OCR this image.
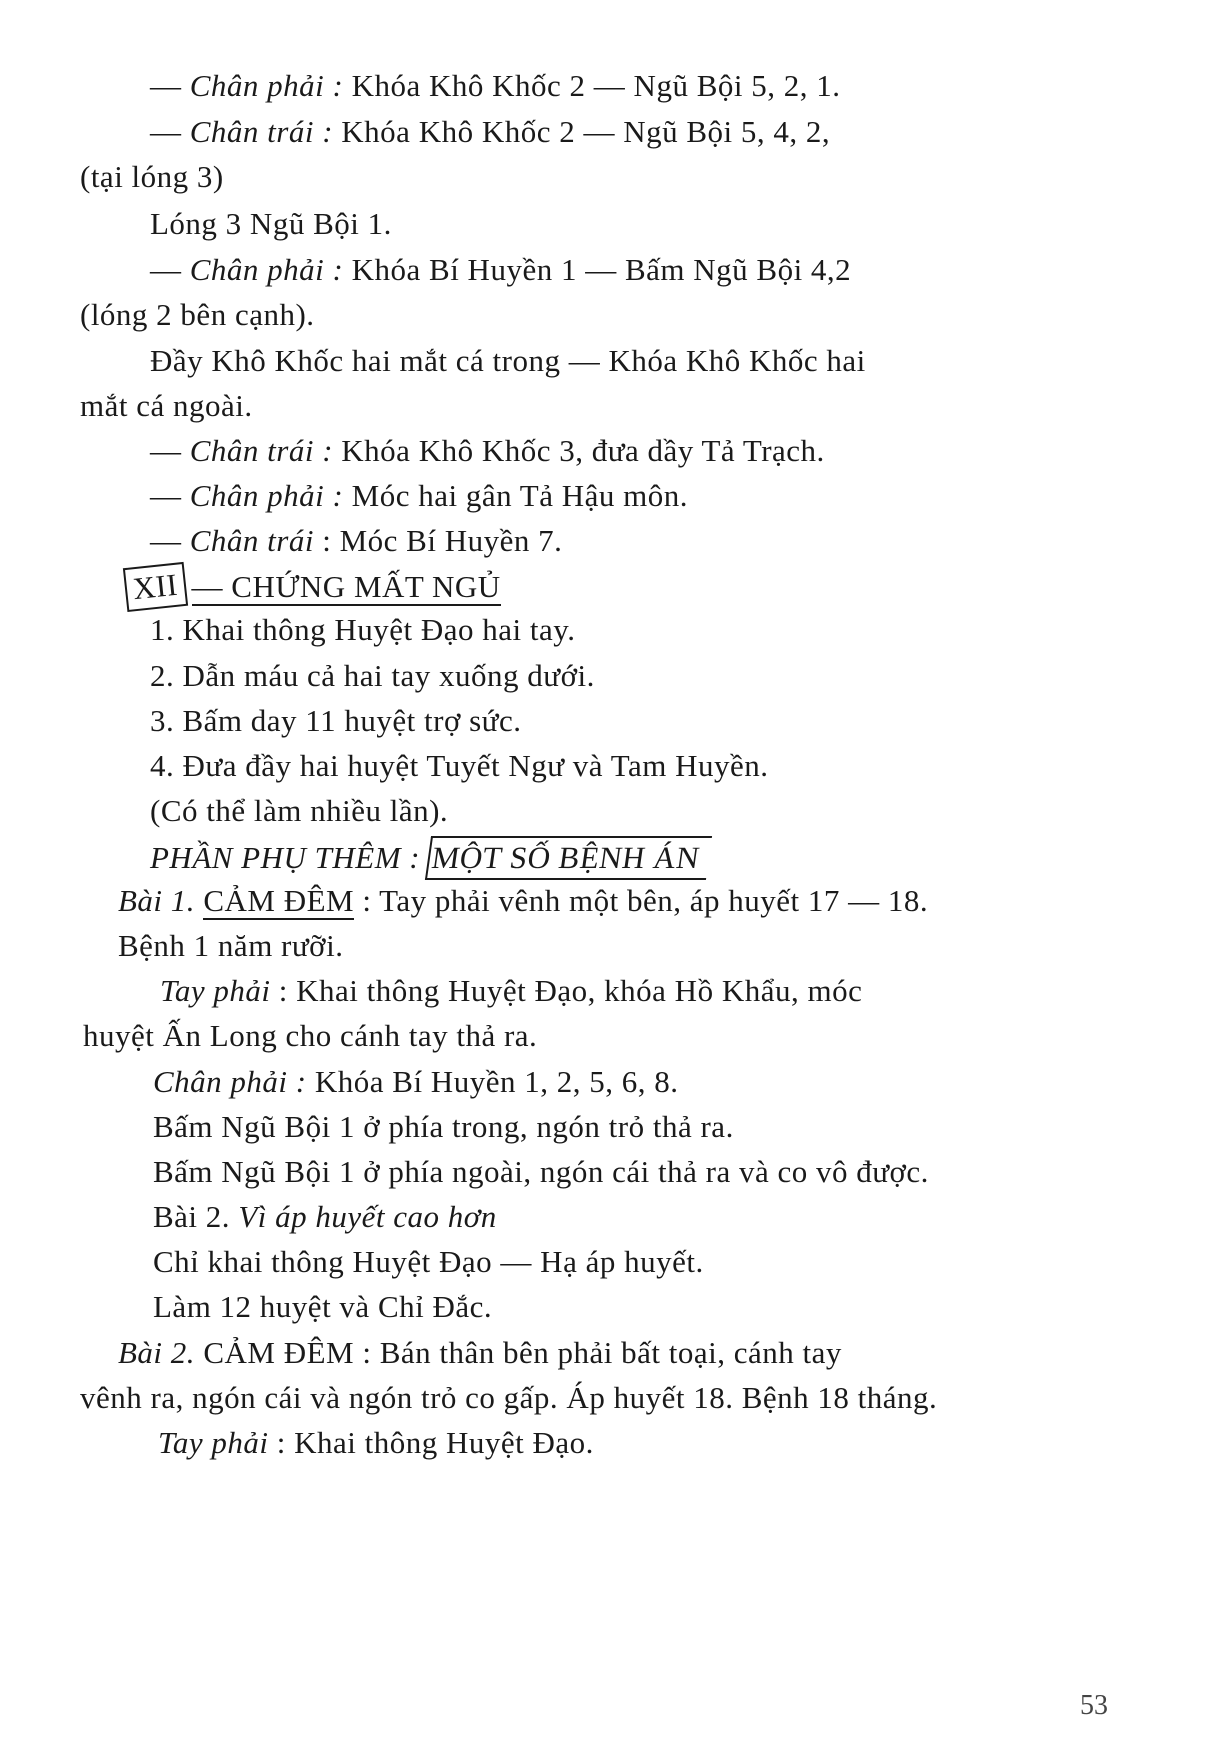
— Chân phải : Khóa Khô Khốc 2 — Ngũ Bội 5, 2, 1.
— Chân trái : Khóa Khô Khốc 2 — Ngũ Bội 5, 4, 2,
(tại lóng 3)
Lóng 3 Ngũ Bội 1.
— Chân phải : Khóa Bí Huyền 1 — Bấm Ngũ Bội 4,2
(lóng 2 bên cạnh).
Đầy Khô Khốc hai mắt cá trong — Khóa Khô Khốc hai
mắt cá ngoài.
— Chân trái : Khóa Khô Khốc 3, đưa dầy Tả Trạch.
— Chân phải : Móc hai gân Tả Hậu môn.
— Chân trái : Móc Bí Huyền 7.
XII — CHỨNG MẤT NGỦ
1. Khai thông Huyệt Đạo hai tay.
2. Dẫn máu cả hai tay xuống dưới.
3. Bấm day 11 huyệt trợ sức.
4. Đưa đầy hai huyệt Tuyết Ngư và Tam Huyền.
(Có thể làm nhiều lần).
PHẦN PHỤ THÊM : MỘT SỐ BỆNH ÁN
Bài 1. CẢM ĐÊM : Tay phải vênh một bên, áp huyết 17 — 18.
Bệnh 1 năm rưỡi.
Tay phải : Khai thông Huyệt Đạo, khóa Hồ Khẩu, móc
huyệt Ấn Long cho cánh tay thả ra.
Chân phải : Khóa Bí Huyền 1, 2, 5, 6, 8.
Bấm Ngũ Bội 1 ở phía trong, ngón trỏ thả ra.
Bấm Ngũ Bội 1 ở phía ngoài, ngón cái thả ra và co vô được.
Bài 2. Vì áp huyết cao hơn
Chỉ khai thông Huyệt Đạo — Hạ áp huyết.
Làm 12 huyệt và Chỉ Đắc.
Bài 2. CẢM ĐÊM : Bán thân bên phải bất toại, cánh tay
vênh ra, ngón cái và ngón trỏ co gấp. Áp huyết 18. Bệnh 18 tháng.
Tay phải : Khai thông Huyệt Đạo.
53
